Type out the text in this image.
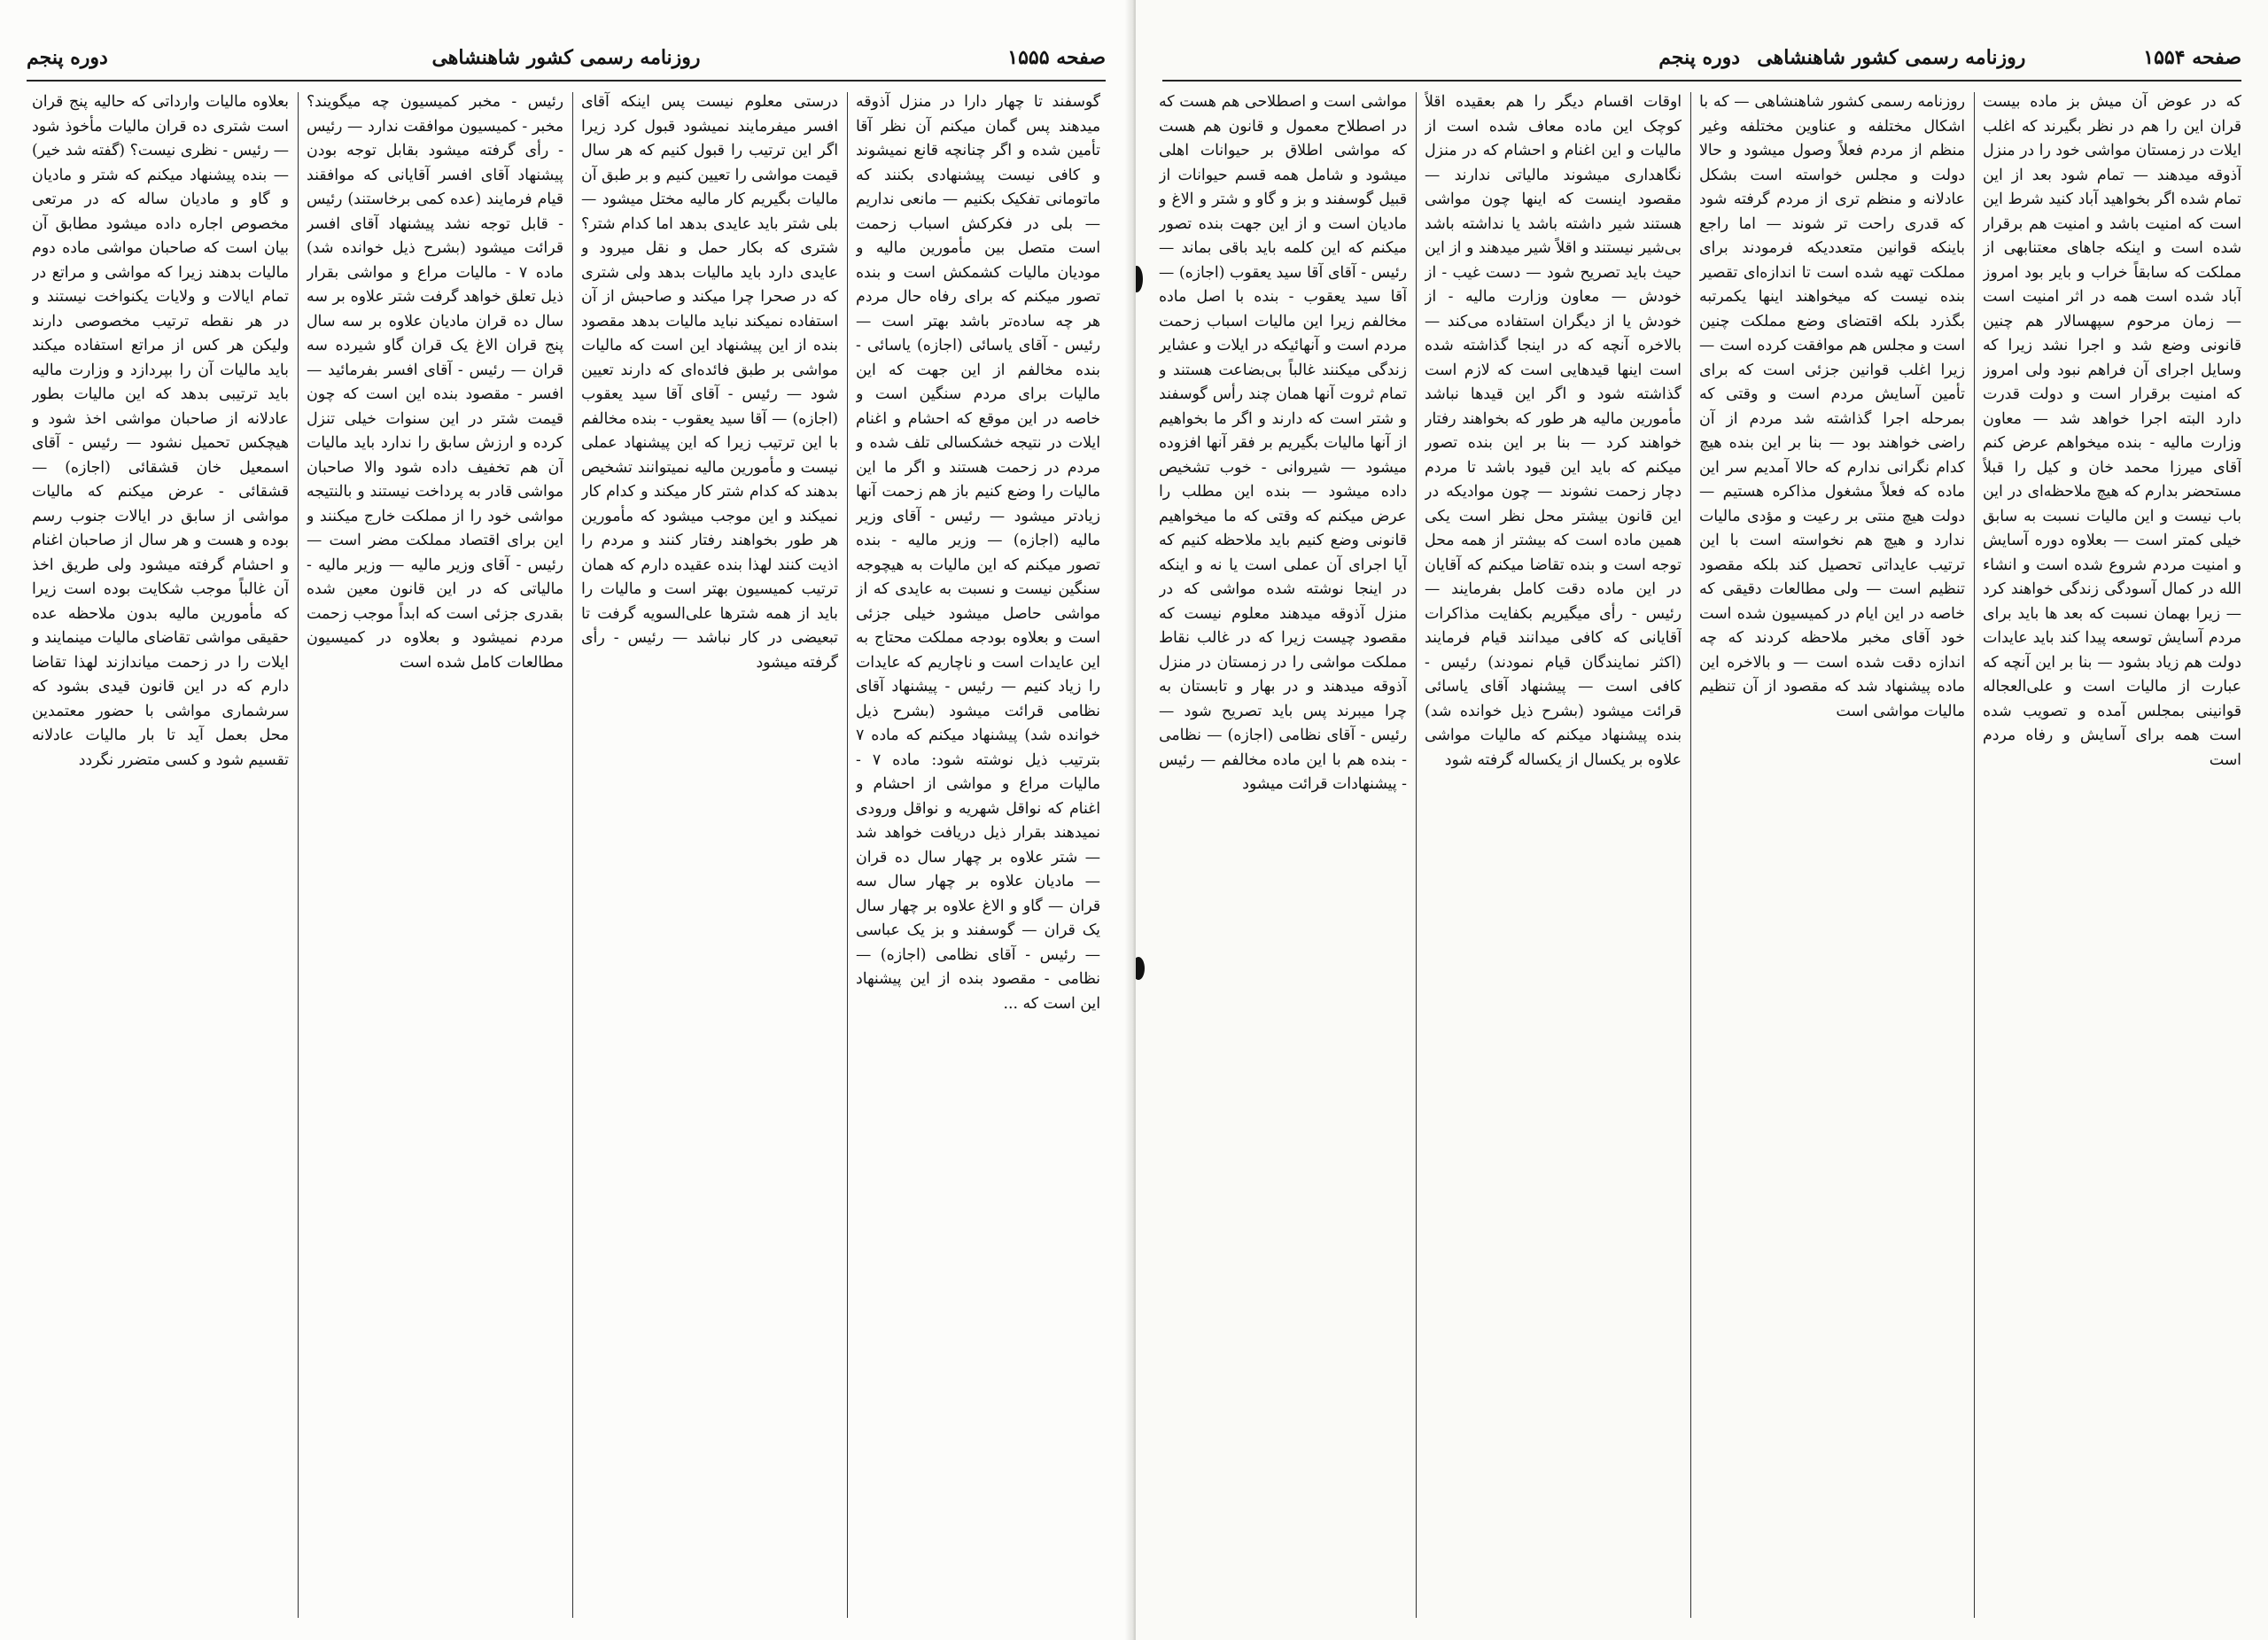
صفحه ۱۵۵۵
روزنامه رسمی کشور شاهنشاهی
دوره پنجم

بعلاوه مالیات وارداتی که حالیه پنج قران است شتری ده قران مالیات مأخوذ شود — رئیس - نظری نیست؟ (گفته شد خیر) — بنده پیشنهاد میکنم که شتر و مادیان و گاو و مادیان ساله که در مرتعی مخصوص اجاره داده میشود مطابق آن بیان است که صاحبان مواشی ماده دوم مالیات بدهند زیرا که مواشی و مراتع در تمام ایالات و ولایات یکنواخت نیستند و در هر نقطه ترتیب مخصوصی دارند ولیکن هر کس از مراتع استفاده میکند باید مالیات آن را بپردازد و وزارت مالیه باید ترتیبی بدهد که این مالیات بطور عادلانه از صاحبان مواشی اخذ شود و هیچکس تحمیل نشود — رئیس - آقای اسمعیل خان قشقائی (اجازه) — قشقائی - عرض میکنم که مالیات مواشی از سابق در ایالات جنوب رسم بوده و هست و هر سال از صاحبان اغنام و احشام گرفته میشود ولی طریق اخذ آن غالباً موجب شکایت بوده است زیرا که مأمورین مالیه بدون ملاحظه عده حقیقی مواشی تقاضای مالیات مینمایند و ایلات را در زحمت میاندازند لهذا تقاضا دارم که در این قانون قیدی بشود که سرشماری مواشی با حضور معتمدین محل بعمل آید تا بار مالیات عادلانه تقسیم شود و کسی متضرر نگردد

رئیس - مخبر کمیسیون چه میگویند؟ مخبر - کمیسیون موافقت ندارد — رئیس - رأی گرفته میشود بقابل توجه بودن پیشنهاد آقای افسر آقایانی که موافقند قیام فرمایند (عده کمی برخاستند) رئیس - قابل توجه نشد پیشنهاد آقای افسر قرائت میشود (بشرح ذیل خوانده شد) ماده ۷ - مالیات مراع و مواشی بقرار ذیل تعلق خواهد گرفت شتر علاوه بر سه سال ده قران مادیان علاوه بر سه سال پنج قران الاغ یک قران گاو شیرده سه قران — رئیس - آقای افسر بفرمائید — افسر - مقصود بنده این است که چون قیمت شتر در این سنوات خیلی تنزل کرده و ارزش سابق را ندارد باید مالیات آن هم تخفیف داده شود والا صاحبان مواشی قادر به پرداخت نیستند و بالنتیجه مواشی خود را از مملکت خارج میکنند و این برای اقتصاد مملکت مضر است — رئیس - آقای وزیر مالیه — وزیر مالیه - مالیاتی که در این قانون معین شده بقدری جزئی است که ابداً موجب زحمت مردم نمیشود و بعلاوه در کمیسیون مطالعات کامل شده است

درستی معلوم نیست پس اینکه آقای افسر میفرمایند نمیشود قبول کرد زیرا اگر این ترتیب را قبول کنیم که هر سال قیمت مواشی را تعیین کنیم و بر طبق آن مالیات بگیریم کار مالیه مختل میشود — بلی شتر باید عایدی بدهد اما کدام شتر؟ شتری که بکار حمل و نقل میرود و عایدی دارد باید مالیات بدهد ولی شتری که در صحرا چرا میکند و صاحبش از آن استفاده نمیکند نباید مالیات بدهد مقصود بنده از این پیشنهاد این است که مالیات مواشی بر طبق فائده‌ای که دارند تعیین شود — رئیس - آقای آقا سید یعقوب (اجازه) — آقا سید یعقوب - بنده مخالفم با این ترتیب زیرا که این پیشنهاد عملی نیست و مأمورین مالیه نمیتوانند تشخیص بدهند که کدام شتر کار میکند و کدام کار نمیکند و این موجب میشود که مأمورین هر طور بخواهند رفتار کنند و مردم را اذیت کنند لهذا بنده عقیده دارم که همان ترتیب کمیسیون بهتر است و مالیات را باید از همه شترها علی‌السویه گرفت تا تبعیضی در کار نباشد — رئیس - رأی گرفته میشود

گوسفند تا چهار دارا در منزل آذوقه میدهند پس گمان میکنم آن نظر آقا تأمین شده و اگر چنانچه قانع نمیشوند و کافی نیست پیشنهادی بکنند که ماتومانی تفکیک بکنیم — مانعی نداریم — بلی در فکرکش اسباب زحمت است متصل بین مأمورین مالیه و مودیان مالیات کشمکش است و بنده تصور میکنم که برای رفاه حال مردم هر چه ساده‌تر باشد بهتر است — رئیس - آقای یاسائی (اجازه) یاسائی - بنده مخالفم از این جهت که این مالیات برای مردم سنگین است و خاصه در این موقع که احشام و اغنام ایلات در نتیجه خشکسالی تلف شده و مردم در زحمت هستند و اگر ما این مالیات را وضع کنیم باز هم زحمت آنها زیادتر میشود — رئیس - آقای وزیر مالیه (اجازه) — وزیر مالیه - بنده تصور میکنم که این مالیات به هیچوجه سنگین نیست و نسبت به عایدی که از مواشی حاصل میشود خیلی جزئی است و بعلاوه بودجه مملکت محتاج به این عایدات است و ناچاریم که عایدات را زیاد کنیم — رئیس - پیشنهاد آقای نظامی قرائت میشود (بشرح ذیل خوانده شد) پیشنهاد میکنم که ماده ۷ بترتیب ذیل نوشته شود: ماده ۷ - مالیات مراع و مواشی از احشام و اغنام که نواقل شهریه و نواقل ورودی نمیدهند بقرار ذیل دریافت خواهد شد — شتر علاوه بر چهار سال ده قران — مادیان علاوه بر چهار سال سه قران — گاو و الاغ علاوه بر چهار سال یک قران — گوسفند و بز یک عباسی — رئیس - آقای نظامی (اجازه) — نظامی - مقصود بنده از این پیشنهاد این است که ...

صفحه ۱۵۵۴
روزنامه رسمی کشور شاهنشاهی
دوره پنجم

مواشی است و اصطلاحی هم هست که در اصطلاح معمول و قانون هم هست که مواشی اطلاق بر حیوانات اهلی میشود و شامل همه قسم حیوانات از قبیل گوسفند و بز و گاو و شتر و الاغ و مادیان است و از این جهت بنده تصور میکنم که این کلمه باید باقی بماند — رئیس - آقای آقا سید یعقوب (اجازه) — آقا سید یعقوب - بنده با اصل ماده مخالفم زیرا این مالیات اسباب زحمت مردم است و آنهائیکه در ایلات و عشایر زندگی میکنند غالباً بی‌بضاعت هستند و تمام ثروت آنها همان چند رأس گوسفند و شتر است که دارند و اگر ما بخواهیم از آنها مالیات بگیریم بر فقر آنها افزوده میشود — شیروانی - خوب تشخیص داده میشود — بنده این مطلب را عرض میکنم که وقتی که ما میخواهیم قانونی وضع کنیم باید ملاحظه کنیم که آیا اجرای آن عملی است یا نه و اینکه در اینجا نوشته شده مواشی که در منزل آذوقه میدهند معلوم نیست که مقصود چیست زیرا که در غالب نقاط مملکت مواشی را در زمستان در منزل آذوقه میدهند و در بهار و تابستان به چرا میبرند پس باید تصریح شود — رئیس - آقای نظامی (اجازه) — نظامی - بنده هم با این ماده مخالفم — رئیس - پیشنهادات قرائت میشود

اوقات اقسام دیگر را هم بعقیده اقلاً کوچک این ماده معاف شده است از مالیات و این اغنام و احشام که در منزل نگاهداری میشوند مالیاتی ندارند — مقصود اینست که اینها چون مواشی هستند شیر داشته باشد یا نداشته باشد بی‌شیر نیستند و اقلاً شیر میدهند و از این حیث باید تصریح شود — دست غیب - از خودش — معاون وزارت مالیه - از خودش یا از دیگران استفاده می‌کند — بالاخره آنچه که در اینجا گذاشته شده است اینها قیدهایی است که لازم است گذاشته شود و اگر این قیدها نباشد مأمورین مالیه هر طور که بخواهند رفتار خواهند کرد — بنا بر این بنده تصور میکنم که باید این قیود باشد تا مردم دچار زحمت نشوند — چون موادیکه در این قانون بیشتر محل نظر است یکی همین ماده است که بیشتر از همه محل توجه است و بنده تقاضا میکنم که آقایان در این ماده دقت کامل بفرمایند — رئیس - رأی میگیریم بکفایت مذاکرات آقایانی که کافی میدانند قیام فرمایند (اکثر نمایندگان قیام نمودند) رئیس - کافی است — پیشنهاد آقای یاسائی قرائت میشود (بشرح ذیل خوانده شد) بنده پیشنهاد میکنم که مالیات مواشی علاوه بر یکسال از یکساله گرفته شود

روزنامه رسمی کشور شاهنشاهی — که با اشکال مختلفه و عناوین مختلفه وغیر منظم از مردم فعلاً وصول میشود و حالا دولت و مجلس خواسته است بشکل عادلانه و منظم تری از مردم گرفته شود که قدری راحت تر شوند — اما راجع باینکه قوانین متعددیکه فرمودند برای مملکت تهیه شده است تا اندازه‌ای تقصیر بنده نیست که میخواهند اینها یکمرتبه بگذرد بلکه اقتضای وضع مملکت چنین است و مجلس هم موافقت کرده است — زیرا اغلب قوانین جزئی است که برای تأمین آسایش مردم است و وقتی که بمرحله اجرا گذاشته شد مردم از آن راضی خواهند بود — بنا بر این بنده هیچ کدام نگرانی ندارم که حالا آمدیم سر این ماده که فعلاً مشغول مذاکره هستیم — دولت هیچ منتی بر رعیت و مؤدی مالیات ندارد و هیچ هم نخواسته است با این ترتیب عایداتی تحصیل کند بلکه مقصود تنظیم است — ولی مطالعات دقیقی که خاصه در این ایام در کمیسیون شده است خود آقای مخبر ملاحظه کردند که چه اندازه دقت شده است — و بالاخره این ماده پیشنهاد شد که مقصود از آن تنظیم مالیات مواشی است

که در عوض آن میش بز ماده بیست قران این را هم در نظر بگیرند که اغلب ایلات در زمستان مواشی خود را در منزل آذوقه میدهند — تمام شود بعد از این تمام شده اگر بخواهید آباد کنید شرط این است که امنیت باشد و امنیت هم برقرار شده است و اینکه جاهای معتنابهی از مملکت که سابقاً خراب و بایر بود امروز آباد شده است همه در اثر امنیت است — زمان مرحوم سپهسالار هم چنین قانونی وضع شد و اجرا نشد زیرا که وسایل اجرای آن فراهم نبود ولی امروز که امنیت برقرار است و دولت قدرت دارد البته اجرا خواهد شد — معاون وزارت مالیه - بنده میخواهم عرض کنم آقای میرزا محمد خان و کیل را قبلاً مستحضر بدارم که هیچ ملاحظه‌ای در این باب نیست و این مالیات نسبت به سابق خیلی کمتر است — بعلاوه دوره آسایش و امنیت مردم شروع شده است و انشاء الله در کمال آسودگی زندگی خواهند کرد — زیرا بهمان نسبت که بعد ها باید برای مردم آسایش توسعه پیدا کند باید عایدات دولت هم زیاد بشود — بنا بر این آنچه که عبارت از مالیات است و علی‌العجاله قوانینی بمجلس آمده و تصویب شده است همه برای آسایش و رفاه مردم است
